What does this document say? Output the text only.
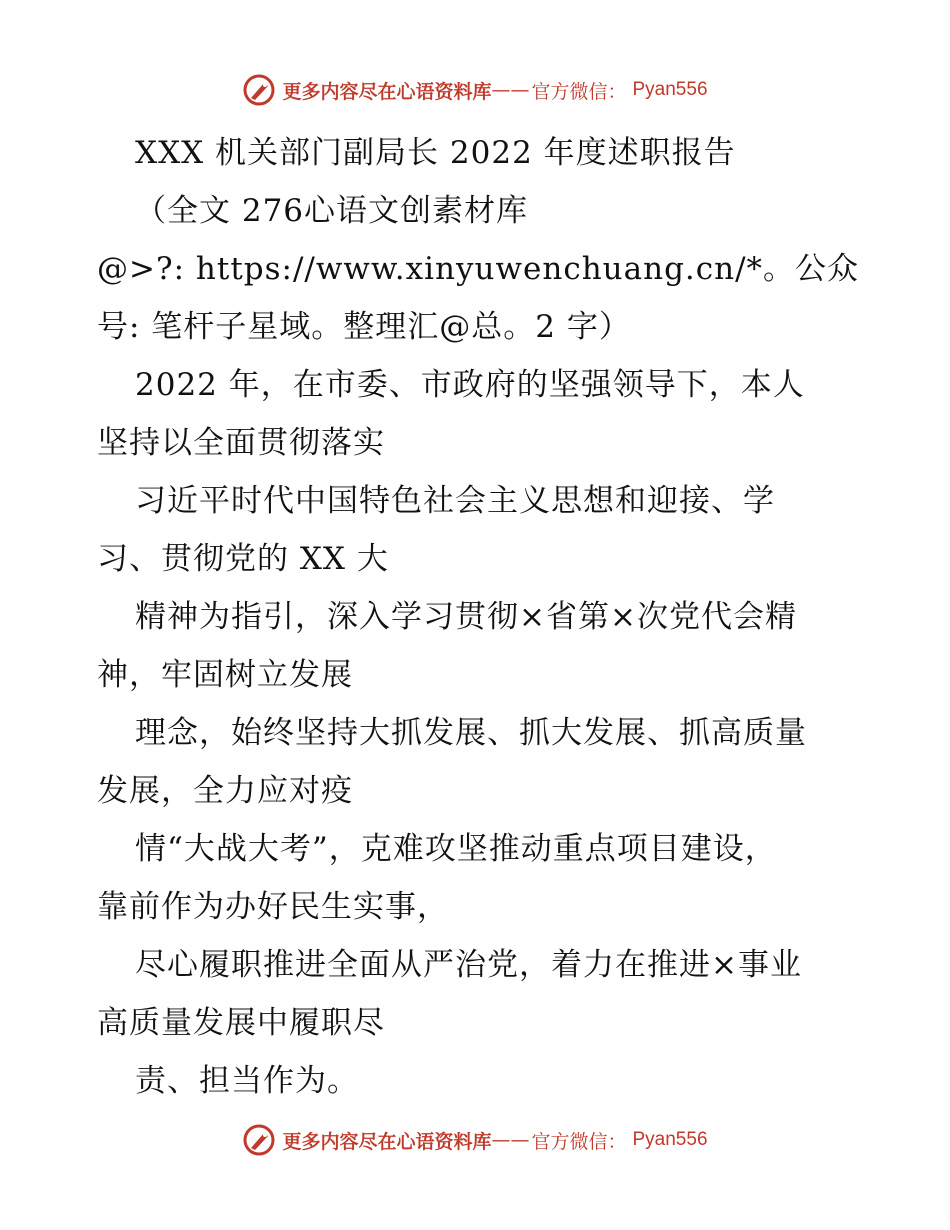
更多内容尽在心语资料库 —— 官方微信： Pyan556
XXX 机关部门副局长 2022 年度述职报告
（全文 276心语文创素材库
@>?: https://www.xinyuwenchuang.cn/*。公众
号: 笔杆子星域。整理汇@总。2 字）
2022 年，在市委、市政府的坚强领导下，本人
坚持以全面贯彻落实
习近平时代中国特色社会主义思想和迎接、学
习、贯彻党的 XX 大
精神为指引，深入学习贯彻×省第×次党代会精
神，牢固树立发展
理念，始终坚持大抓发展、抓大发展、抓高质量
发展，全力应对疫
情“大战大考”，克难攻坚推动重点项目建设，
靠前作为办好民生实事，
尽心履职推进全面从严治党，着力在推进×事业
高质量发展中履职尽
责、担当作为。
更多内容尽在心语资料库 —— 官方微信： Pyan556
